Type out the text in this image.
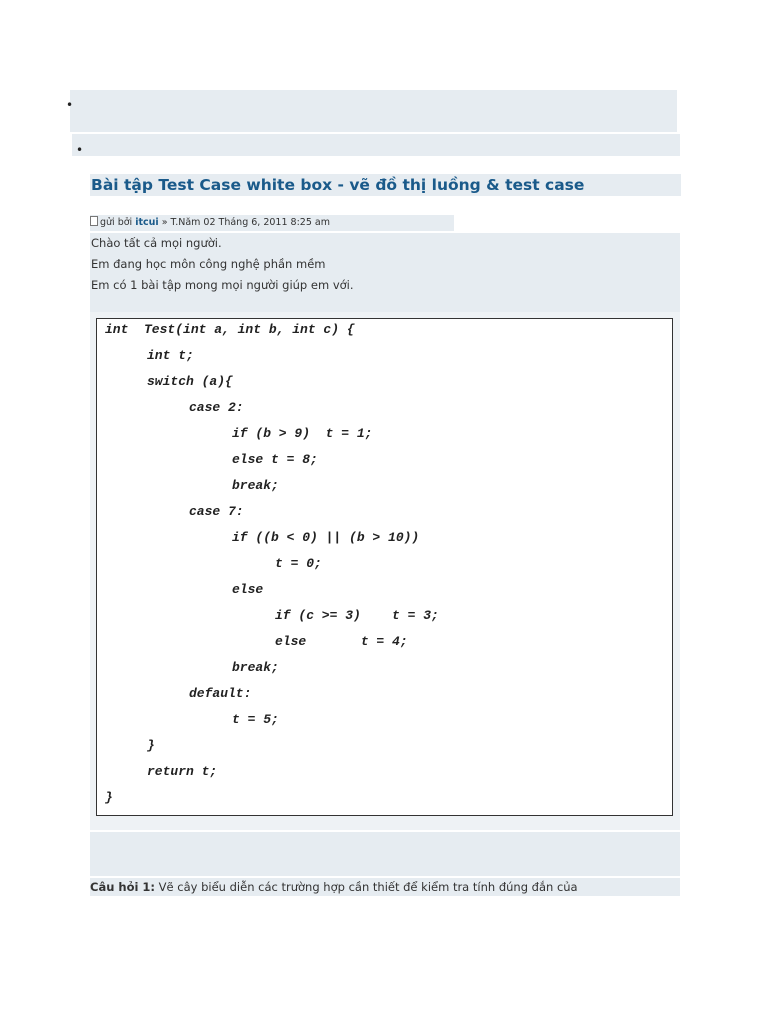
•
•
Bài tập Test Case white box - vẽ đồ thị luồng & test case
gửi bởi itcui » T.Năm 02 Tháng 6, 2011 8:25 am
Chào tất cả mọi người.
Em đang học môn công nghệ phần mềm
Em có 1 bài tập mong mọi người giúp em với.
int  Test(int a, int b, int c) {
int t;
switch (a){
case 2:
if (b > 9)  t = 1;
else t = 8;
break;
case 7:
if ((b < 0) || (b > 10))
t = 0;
else
if (c >= 3)    t = 3;
else       t = 4;
break;
default:
t = 5;
}
return t;
}
Câu hỏi 1: Vẽ cây biểu diễn các trường hợp cần thiết để kiểm tra tính đúng đắn của
